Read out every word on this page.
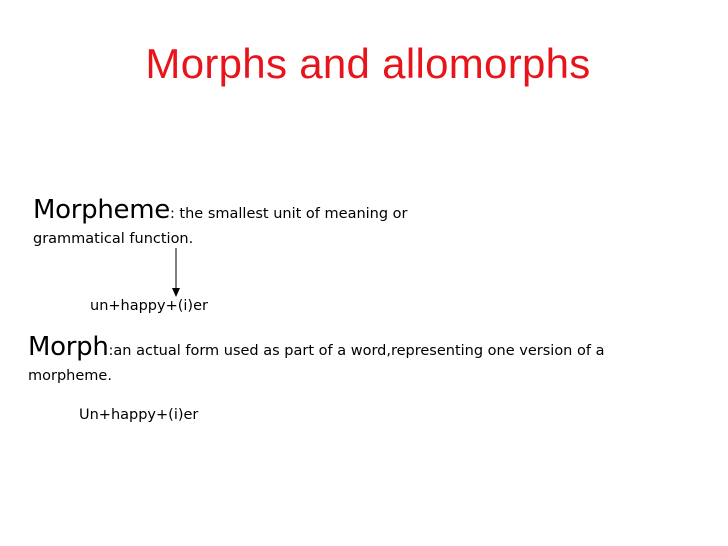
Morphs and allomorphs
Morpheme: the smallest unit of meaning or grammatical function.
un+happy+(i)er
Morph:an actual form used as part of a word,representing one version of a morpheme.
Un+happy+(i)er
